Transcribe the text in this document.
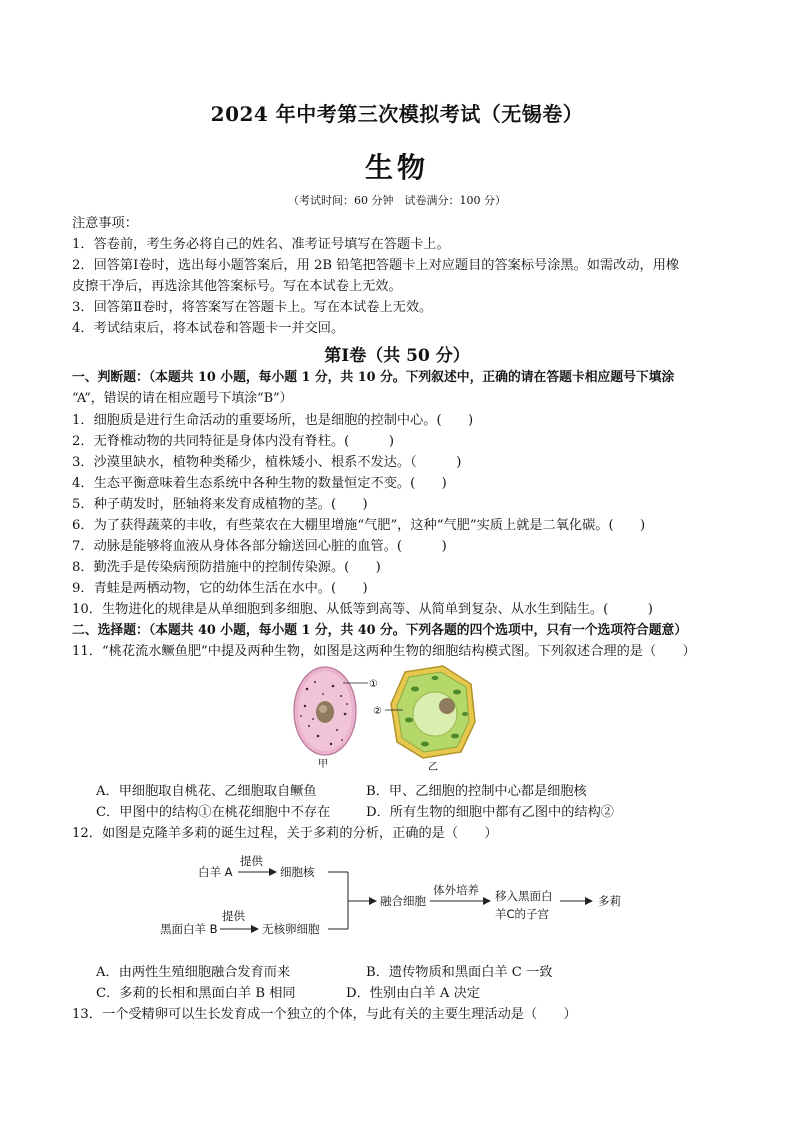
2024 年中考第三次模拟考试（无锡卷）
生物
（考试时间：60 分钟　试卷满分：100 分）
注意事项：
1．答卷前，考生务必将自己的姓名、准考证号填写在答题卡上。
2．回答第Ⅰ卷时，选出每小题答案后，用 2B 铅笔把答题卡上对应题目的答案标号涂黑。如需改动，用橡
皮擦干净后，再选涂其他答案标号。写在本试卷上无效。
3．回答第Ⅱ卷时，将答案写在答题卡上。写在本试卷上无效。
4．考试结束后，将本试卷和答题卡一并交回。
第Ⅰ卷（共 50 分）
一、判断题：（本题共 10 小题，每小题 1 分，共 10 分。下列叙述中，正确的请在答题卡相应题号下填涂
“A”，错误的请在相应题号下填涂“B”）
1．细胞质是进行生命活动的重要场所，也是细胞的控制中心。(　　)
2．无脊椎动物的共同特征是身体内没有脊柱。(　　　)
3．沙漠里缺水，植物种类稀少，植株矮小、根系不发达。（　　　)
4．生态平衡意味着生态系统中各种生物的数量恒定不变。(　　)
5．种子萌发时，胚轴将来发育成植物的茎。(　　)
6．为了获得蔬菜的丰收，有些菜农在大棚里增施“气肥”，这种“气肥”实质上就是二氧化碳。(　　)
7．动脉是能够将血液从身体各部分输送回心脏的血管。(　　　)
8．勤洗手是传染病预防措施中的控制传染源。(　　)
9．青蛙是两栖动物，它的幼体生活在水中。(　　)
10．生物进化的规律是从单细胞到多细胞、从低等到高等、从简单到复杂、从水生到陆生。(　　　)
二、选择题：（本题共 40 小题，每小题 1 分，共 40 分。下列各题的四个选项中，只有一个选项符合题意）
11．“桃花流水鳜鱼肥”中提及两种生物，如图是这两种生物的细胞结构模式图。下列叙述合理的是（　　）
①
②
甲	乙
A．甲细胞取自桃花、乙细胞取自鳜鱼	B．甲、乙细胞的控制中心都是细胞核
C．甲图中的结构①在桃花细胞中不存在	D．所有生物的细胞中都有乙图中的结构②
12．如图是克隆羊多莉的诞生过程，关于多莉的分析，正确的是（　　）
白羊 A
提供
细胞核
黑面白羊 B
提供
无核卵细胞
融合细胞
体外培养 移入黑面白
羊C的子宫
多莉
A．由两性生殖细胞融合发育而来	B．遗传物质和黑面白羊 C 一致
C．多莉的长相和黑面白羊 B 相同	D．性别由白羊 A 决定
13．一个受精卵可以生长发育成一个独立的个体，与此有关的主要生理活动是（　　）
